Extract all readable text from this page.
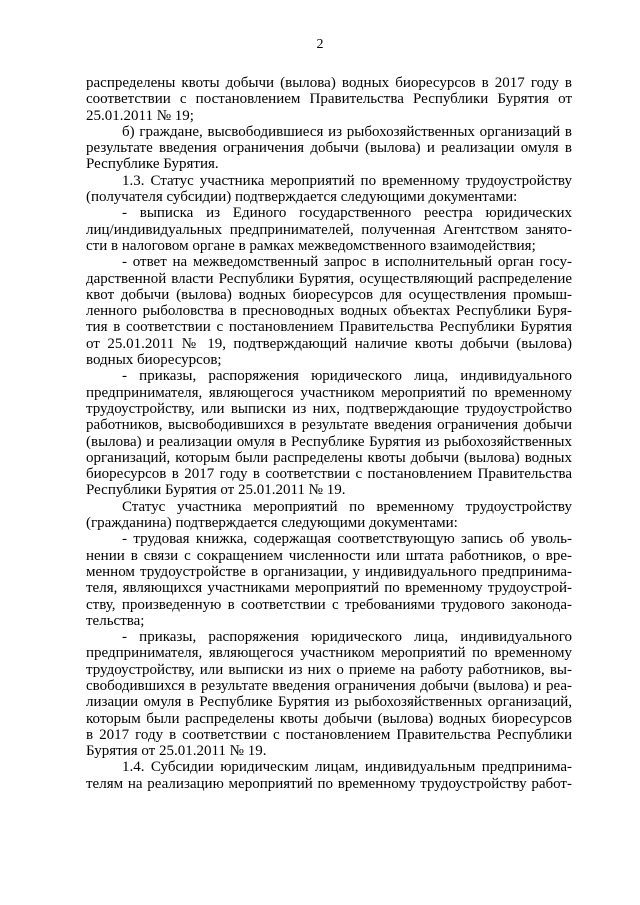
2
распределены квоты добычи (вылова) водных биоресурсов в 2017 году в
соответствии с постановлением Правительства Республики Бурятия от
25.01.2011 № 19;
б) граждане, высвободившиеся из рыбохозяйственных организаций в
результате введения ограничения добычи (вылова) и реализации омуля в
Республике Бурятия.
1.3. Статус участника мероприятий по временному трудоустройству
(получателя субсидии) подтверждается следующими документами:
- выписка из Единого государственного реестра юридических
лиц/индивидуальных предпринимателей, полученная Агентством занято-
сти в налоговом органе в рамках межведомственного взаимодействия;
- ответ на межведомственный запрос в исполнительный орган госу-
дарственной власти Республики Бурятия, осуществляющий распределение
квот добычи (вылова) водных биоресурсов для осуществления промыш-
ленного рыболовства в пресноводных водных объектах Республики Буря-
тия в соответствии с постановлением Правительства Республики Бурятия
от 25.01.2011 № 19, подтверждающий наличие квоты добычи (вылова)
водных биоресурсов;
- приказы, распоряжения юридического лица, индивидуального
предпринимателя, являющегося участником мероприятий по временному
трудоустройству, или выписки из них, подтверждающие трудоустройство
работников, высвободившихся в результате введения ограничения добычи
(вылова) и реализации омуля в Республике Бурятия из рыбохозяйственных
организаций, которым были распределены квоты добычи (вылова) водных
биоресурсов в 2017 году в соответствии с постановлением Правительства
Республики Бурятия от 25.01.2011 № 19.
Статус участника мероприятий по временному трудоустройству
(гражданина) подтверждается следующими документами:
- трудовая книжка, содержащая соответствующую запись об уволь-
нении в связи с сокращением численности или штата работников, о вре-
менном трудоустройстве в организации, у индивидуального предпринима-
теля, являющихся участниками мероприятий по временному трудоустрой-
ству, произведенную в соответствии с требованиями трудового законода-
тельства;
- приказы, распоряжения юридического лица, индивидуального
предпринимателя, являющегося участником мероприятий по временному
трудоустройству, или выписки из них о приеме на работу работников, вы-
свободившихся в результате введения ограничения добычи (вылова) и реа-
лизации омуля в Республике Бурятия из рыбохозяйственных организаций,
которым были распределены квоты добычи (вылова) водных биоресурсов
в 2017 году в соответствии с постановлением Правительства Республики
Бурятия от 25.01.2011 № 19.
1.4. Субсидии юридическим лицам, индивидуальным предпринима-
телям на реализацию мероприятий по временному трудоустройству работ-
